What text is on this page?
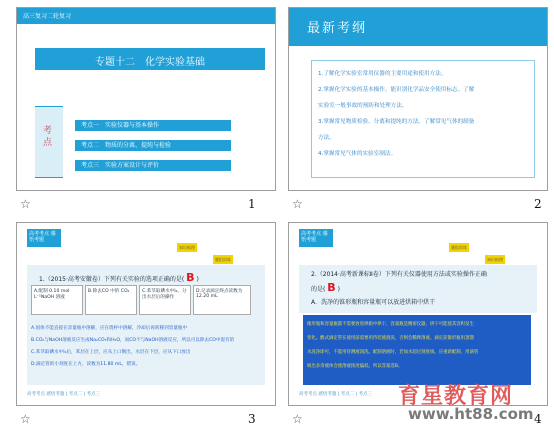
高三复习二轮复习
专题十二　化学实验基础
考点
考点一　实验仪器与基本操作
考点二　物质的分离、提纯与检验
考点三　实验方案设计与评价
☆	1
最新考纲
1.了解化学实验室常用仪器的主要用途和使用方法。
2.掌握化学实验的基本操作。能识别化学品安全使用标志。了解
实验室一般事故的预防和处理方法。
3.掌握常见物质检验、分离和提纯的方法。了解常见气体的制备
方法。
4.掌握常见气体的实验室制法。
☆	2
高考考点 感悟考题
知识梳理
题组训练
1.（2015·高考安徽卷）下列有关实验的选项正确的是( B )
A.配制 0.10 mol L⁻¹NaOH 溶液
B.除去CO 中的 CO₂	C.苯萃取碘水中I₂，分出水层后的操作
D.记录滴定终点读数为12.20 mL
A.固体不能直接在容量瓶中溶解，应在烧杯中溶解，冷却后再转移到容量瓶中
B.CO₂与NaOH溶液反应生成Na₂CO₃和H₂O，而CO不与NaOH溶液反应，所以可以除去CO中混有的
C.苯萃取碘水中I₂后，苯层在上层，应从上口倒出，水层在下层，应从下口放出
D.滴定管的小刻度在上方，读数为11.80 mL，错误。
高考考点 感悟考题 | 考点二 | 考点三
☆	3
高考考点 感悟考题
题组训练
知识梳理
2.（2014·高考新课标Ⅱ卷）下列有关仪器使用方法或实验操作正确
的是( B )
A．洗净的锥形瓶和容量瓶可以放进烘箱中烘干
锥形瓶和容量瓶都不需要放进烘箱中烘干，容量瓶是精密仪器，烘干可能使其容积发生
变化。酸式滴定管在使用前需要用待装液润洗，否则会稀释溶液。滴定前锥形瓶用蒸馏
水洗净即可，不能用待测液润洗。配制溶液时，若加水超过刻度线，应重新配制，用滴管
吸出多余液体会使溶液浓度偏低。所以答案选B。
高考考点 感悟考题 | 考点二 | 考点三
☆	4
育星教育网
www.ht88.com
